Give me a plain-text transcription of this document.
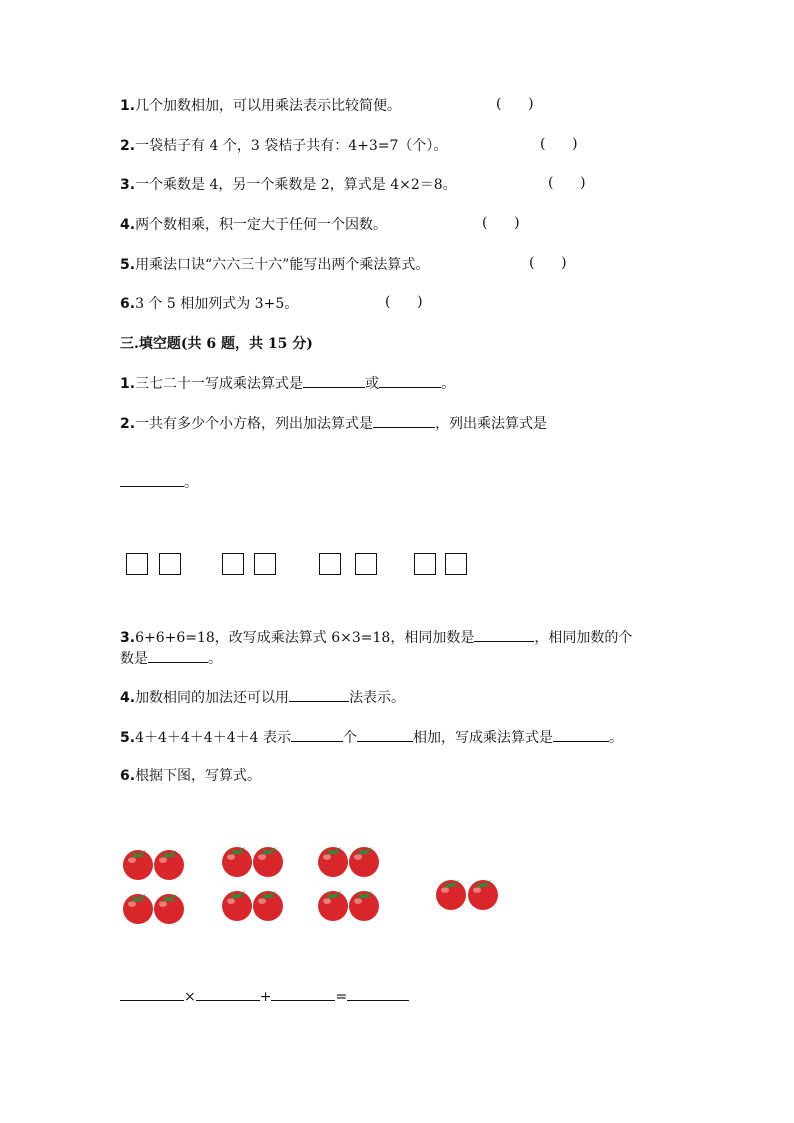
1.几个加数相加，可以用乘法表示比较简便。	(      )
2.一袋桔子有 4 个，3 袋桔子共有：4+3=7（个）。	(      )
3.一个乘数是 4，另一个乘数是 2，算式是 4×2＝8。	(      )
4.两个数相乘，积一定大于任何一个因数。	(      )
5.用乘法口诀“六六三十六”能写出两个乘法算式。	(      )
6.3 个 5 相加列式为 3+5。	(      )
三.填空题(共 6 题，共 15 分)
1.三七二十一写成乘法算式是	或	。
2.一共有多少个小方格，列出加法算式是	，列出乘法算式是
。
3.6+6+6=18，改写成乘法算式 6×3=18，相同加数是	，相同加数的个
数是	。
4.加数相同的加法还可以用	法表示。
5.4＋4＋4＋4＋4＋4 表示	个	相加，写成乘法算式是	。
6.根据下图，写算式。
×	+	=
